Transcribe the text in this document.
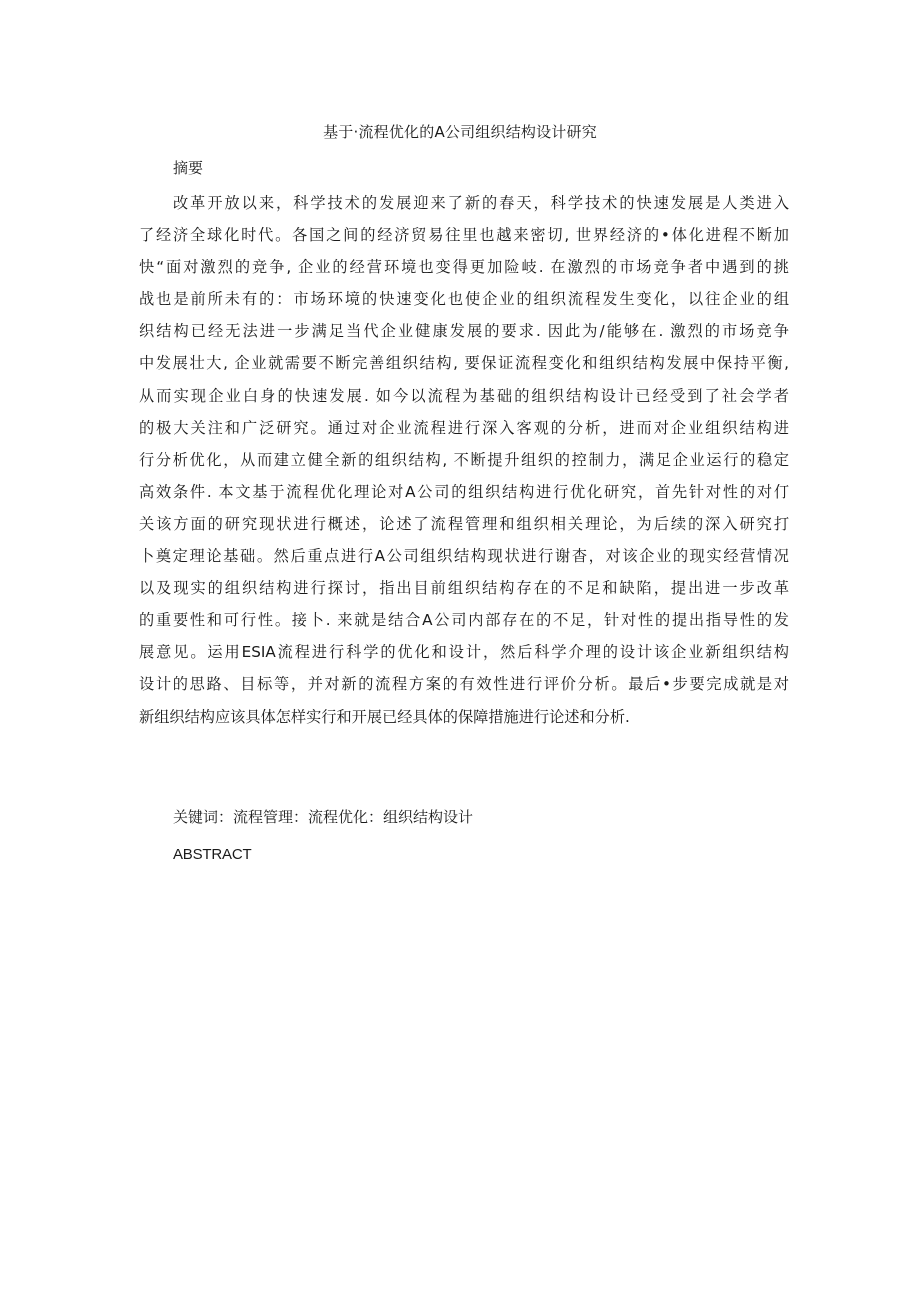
基于·流程优化的A公司组织结构设计研究
摘要
改革开放以来，科学技术的发展迎来了新的春天，科学技术的快速发展是人类进入
了经济全球化时代。各国之间的经济贸易往里也越来密切, 世界经济的•体化进程不断加
快“面对激烈的竞争, 企业的经营环境也变得更加险岐. 在激烈的市场竞争者中遇到的挑
战也是前所未有的：市场环境的快速变化也使企业的组织流程发生变化，以往企业的组
织结构已经无法进一步满足当代企业健康发展的要求. 因此为/能够在. 激烈的市场竞争
中发展壮大, 企业就需要不断完善组织结构, 要保证流程变化和组织结构发展中保持平衡,
从而实现企业白身的快速发展. 如今以流程为基础的组织结构设计已经受到了社会学者
的极大关注和广泛研究。通过对企业流程进行深入客观的分析，进而对企业组织结构进
行分析优化，从而建立健全新的组织结构, 不断提升组织的控制力，满足企业运行的稳定
高效条件. 本文基于流程优化理论对A公司的组织结构进行优化研究，首先针对性的对仃
关该方面的研究现状进行概述，论述了流程管理和组织相关理论，为后续的深入研究打
卜奠定理论基础。然后重点进行A公司组织结构现状进行谢杳，对该企业的现实经营情况
以及现实的组织结构进行探讨，指出目前组织结构存在的不足和缺陷，提出进一步改革
的重要性和可行性。接卜. 来就是结合A公司内部存在的不足，针对性的提出指导性的发
展意见。运用ESIA流程进行科学的优化和设计，然后科学介理的设计该企业新组织结构
设计的思路、目标等，并对新的流程方案的有效性进行评价分析。最后•步要完成就是对
新组织结构应该具体怎样实行和开展已经具体的保障措施进行论述和分析.
关键词：流程管理：流程优化：组织结构设计
ABSTRACT
